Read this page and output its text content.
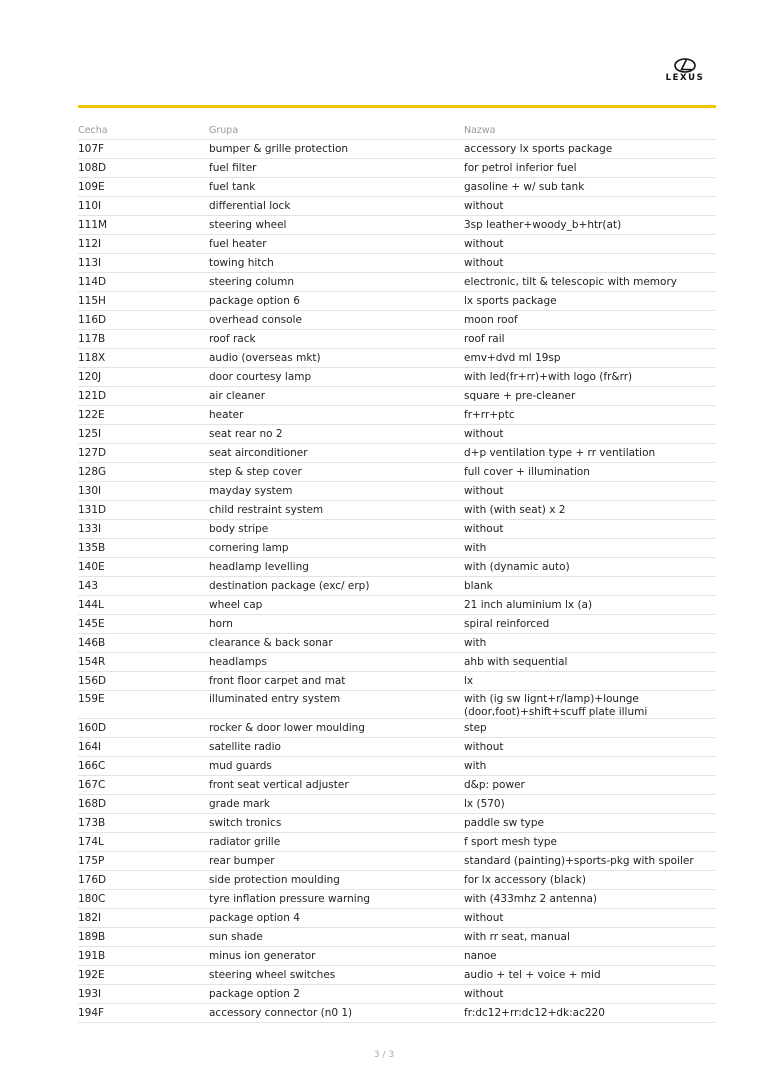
LEXUS
Cecha	Grupa	Nazwa
107F	bumper & grille protection	accessory lx sports package
108D	fuel filter	for petrol inferior fuel
109E	fuel tank	gasoline + w/ sub tank
110I	differential lock	without
111M	steering wheel	3sp leather+woody_b+htr(at)
112I	fuel heater	without
113I	towing hitch	without
114D	steering column	electronic, tilt & telescopic with memory
115H	package option 6	lx sports package
116D	overhead console	moon roof
117B	roof rack	roof rail
118X	audio (overseas mkt)	emv+dvd ml 19sp
120J	door courtesy lamp	with led(fr+rr)+with logo (fr&rr)
121D	air cleaner	square + pre-cleaner
122E	heater	fr+rr+ptc
125I	seat rear no 2	without
127D	seat airconditioner	d+p ventilation type + rr ventilation
128G	step & step cover	full cover + illumination
130I	mayday system	without
131D	child restraint system	with (with seat) x 2
133I	body stripe	without
135B	cornering lamp	with
140E	headlamp levelling	with (dynamic auto)
143	destination package (exc/ erp)	blank
144L	wheel cap	21 inch aluminium lx (a)
145E	horn	spiral reinforced
146B	clearance & back sonar	with
154R	headlamps	ahb with sequential
156D	front floor carpet and mat	lx
159E	illuminated entry system	with (ig sw lignt+r/lamp)+lounge
(door,foot)+shift+scuff plate illumi
160D	rocker & door lower moulding	step
164I	satellite radio	without
166C	mud guards	with
167C	front seat vertical adjuster	d&p: power
168D	grade mark	lx (570)
173B	switch tronics	paddle sw type
174L	radiator grille	f sport mesh type
175P	rear bumper	standard (painting)+sports-pkg with spoiler
176D	side protection moulding	for lx accessory (black)
180C	tyre inflation pressure warning	with (433mhz 2 antenna)
182I	package option 4	without
189B	sun shade	with rr seat, manual
191B	minus ion generator	nanoe
192E	steering wheel switches	audio + tel + voice + mid
193I	package option 2	without
194F	accessory connector (n0 1)	fr:dc12+rr:dc12+dk:ac220
3 / 3
